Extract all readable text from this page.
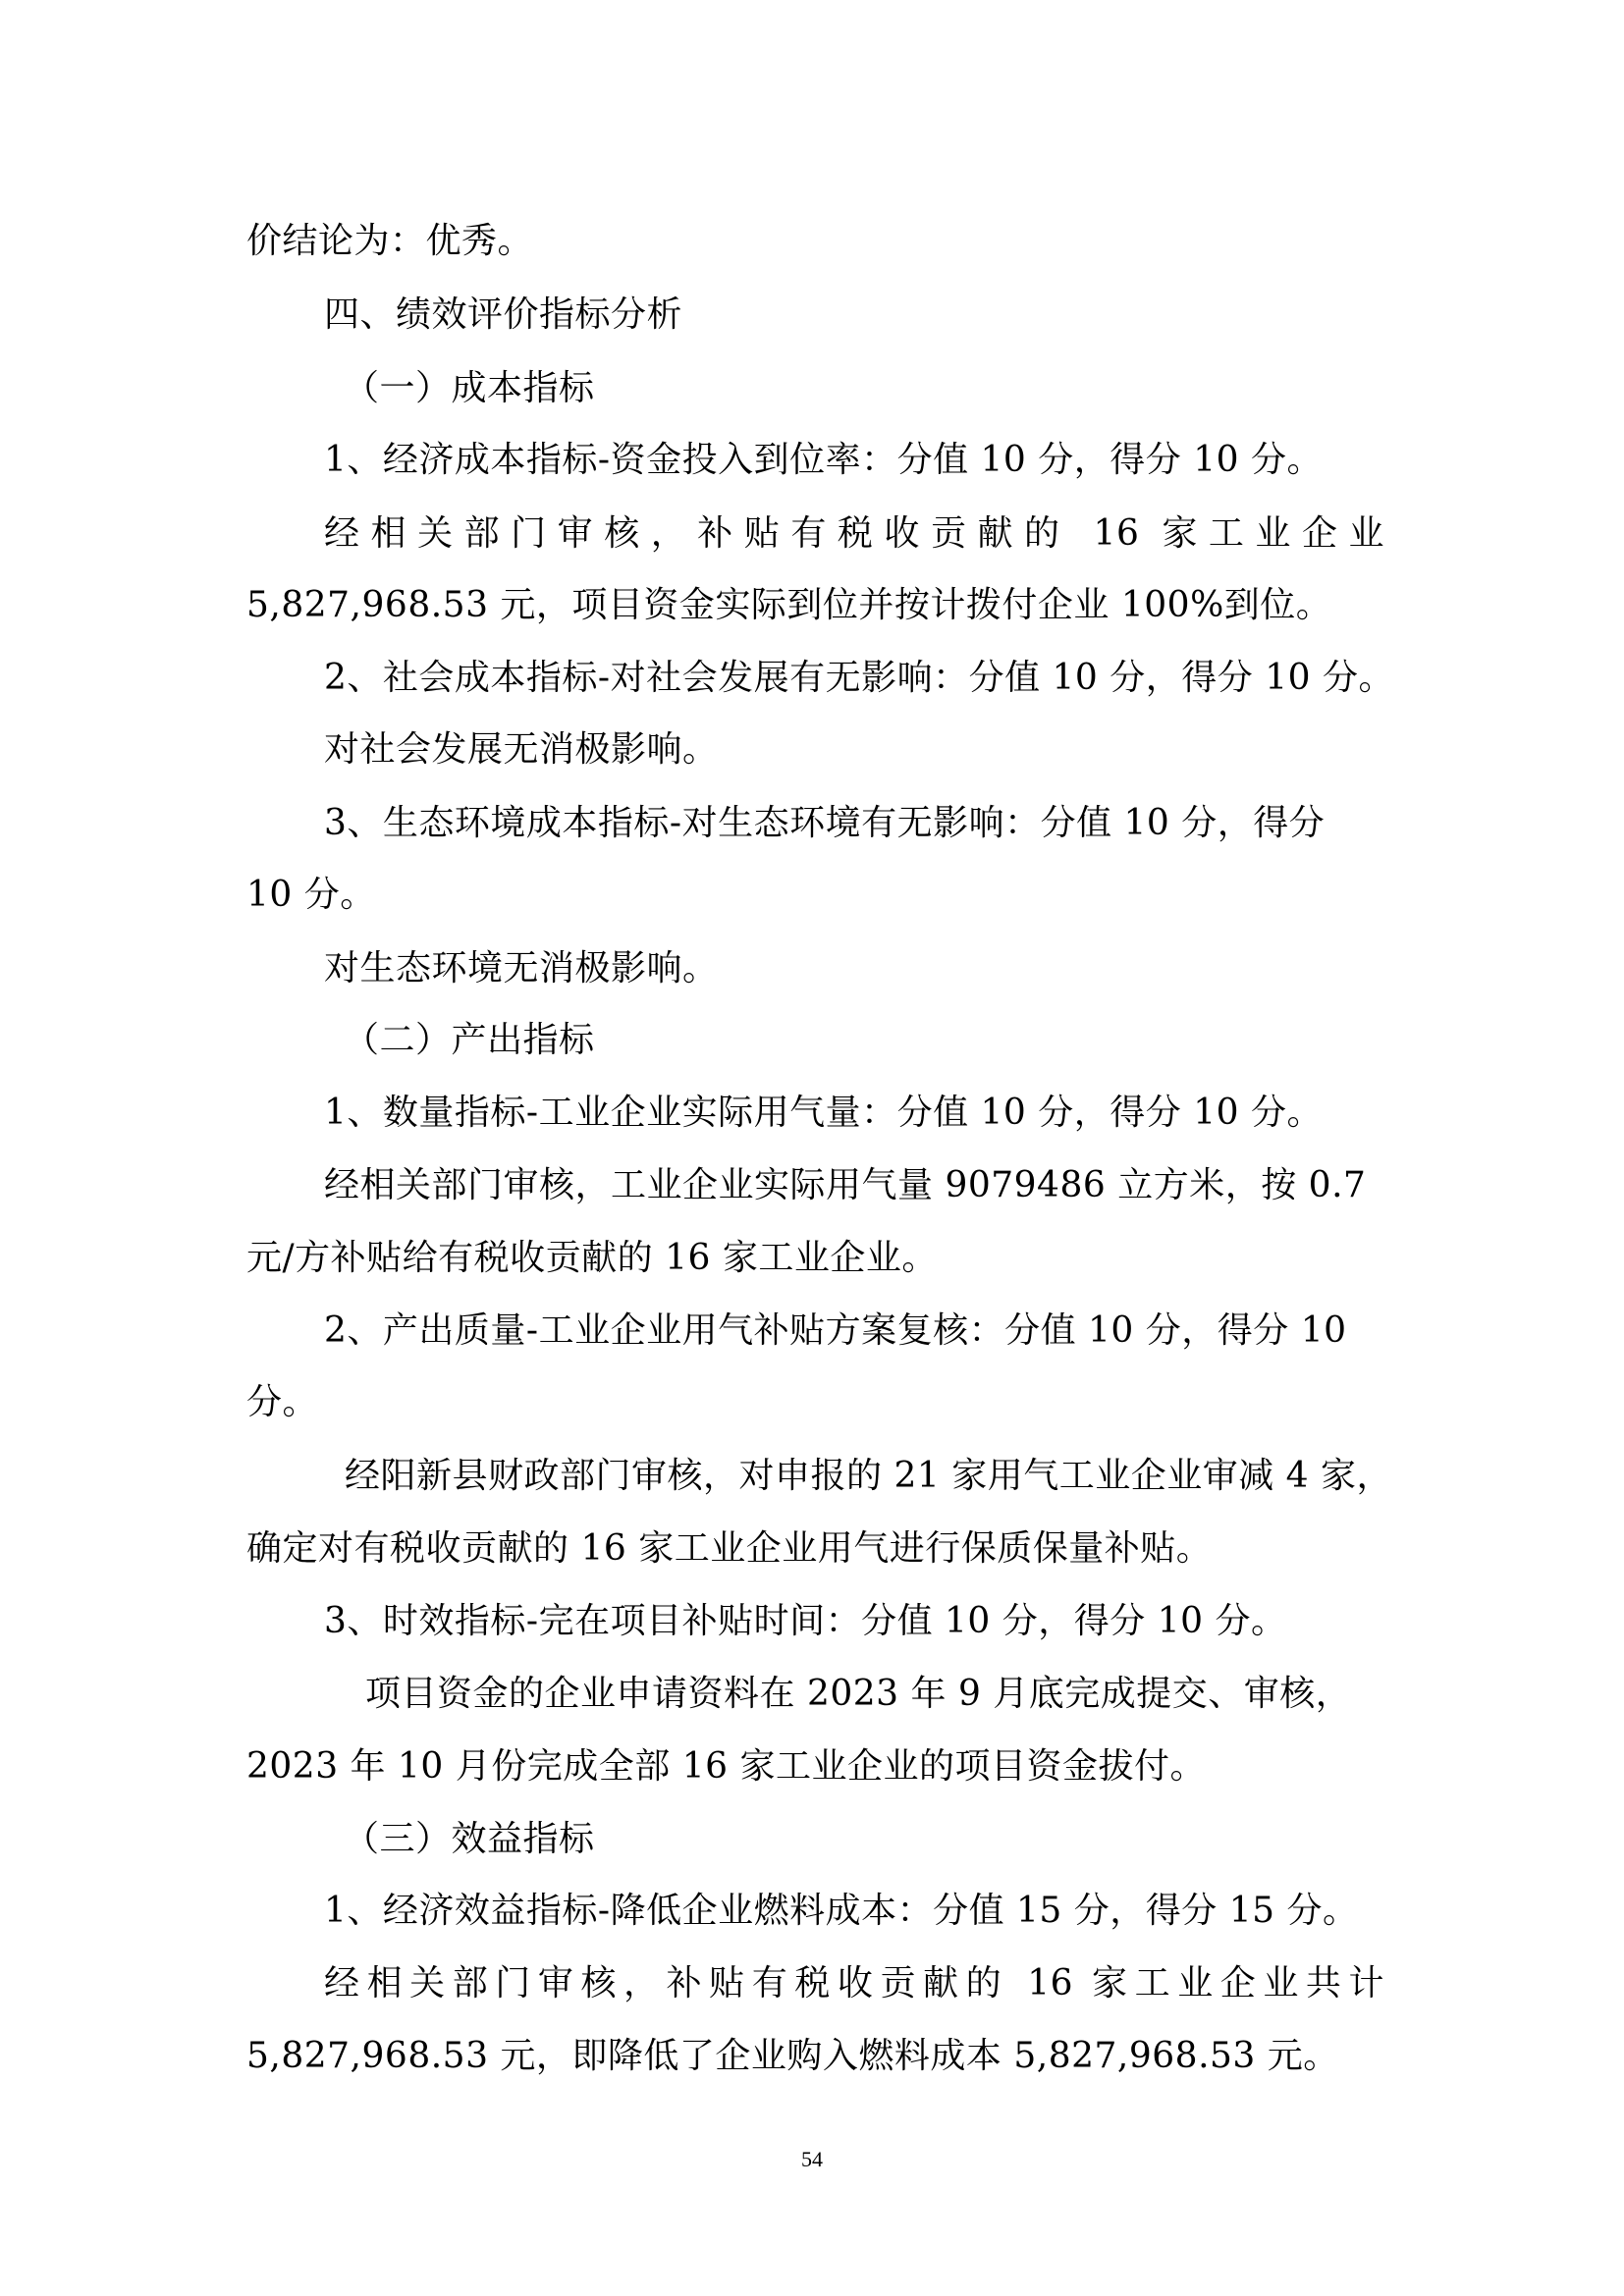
价结论为：优秀。
四、绩效评价指标分析
（一）成本指标
1、经济成本指标-资金投入到位率：分值 10 分，得分 10 分。
经相关部门审核，补贴有税收贡献的 16 家工业企业
5,827,968.53 元，项目资金实际到位并按计拨付企业 100%到位。
2、社会成本指标-对社会发展有无影响：分值 10 分，得分 10 分。
对社会发展无消极影响。
3、生态环境成本指标-对生态环境有无影响：分值 10 分，得分
10 分。
对生态环境无消极影响。
（二）产出指标
1、数量指标-工业企业实际用气量：分值 10 分，得分 10 分。
经相关部门审核，工业企业实际用气量 9079486 立方米，按 0.7
元/方补贴给有税收贡献的 16 家工业企业。
2、产出质量-工业企业用气补贴方案复核：分值 10 分，得分 10
分。
经阳新县财政部门审核，对申报的 21 家用气工业企业审减 4 家，
确定对有税收贡献的 16 家工业企业用气进行保质保量补贴。
3、时效指标-完在项目补贴时间：分值 10 分，得分 10 分。
项目资金的企业申请资料在 2023 年 9 月底完成提交、审核，
2023 年 10 月份完成全部 16 家工业企业的项目资金拔付。
（三）效益指标
1、经济效益指标-降低企业燃料成本：分值 15 分，得分 15 分。
经相关部门审核，补贴有税收贡献的 16 家工业企业共计
5,827,968.53 元，即降低了企业购入燃料成本 5,827,968.53 元。
54
